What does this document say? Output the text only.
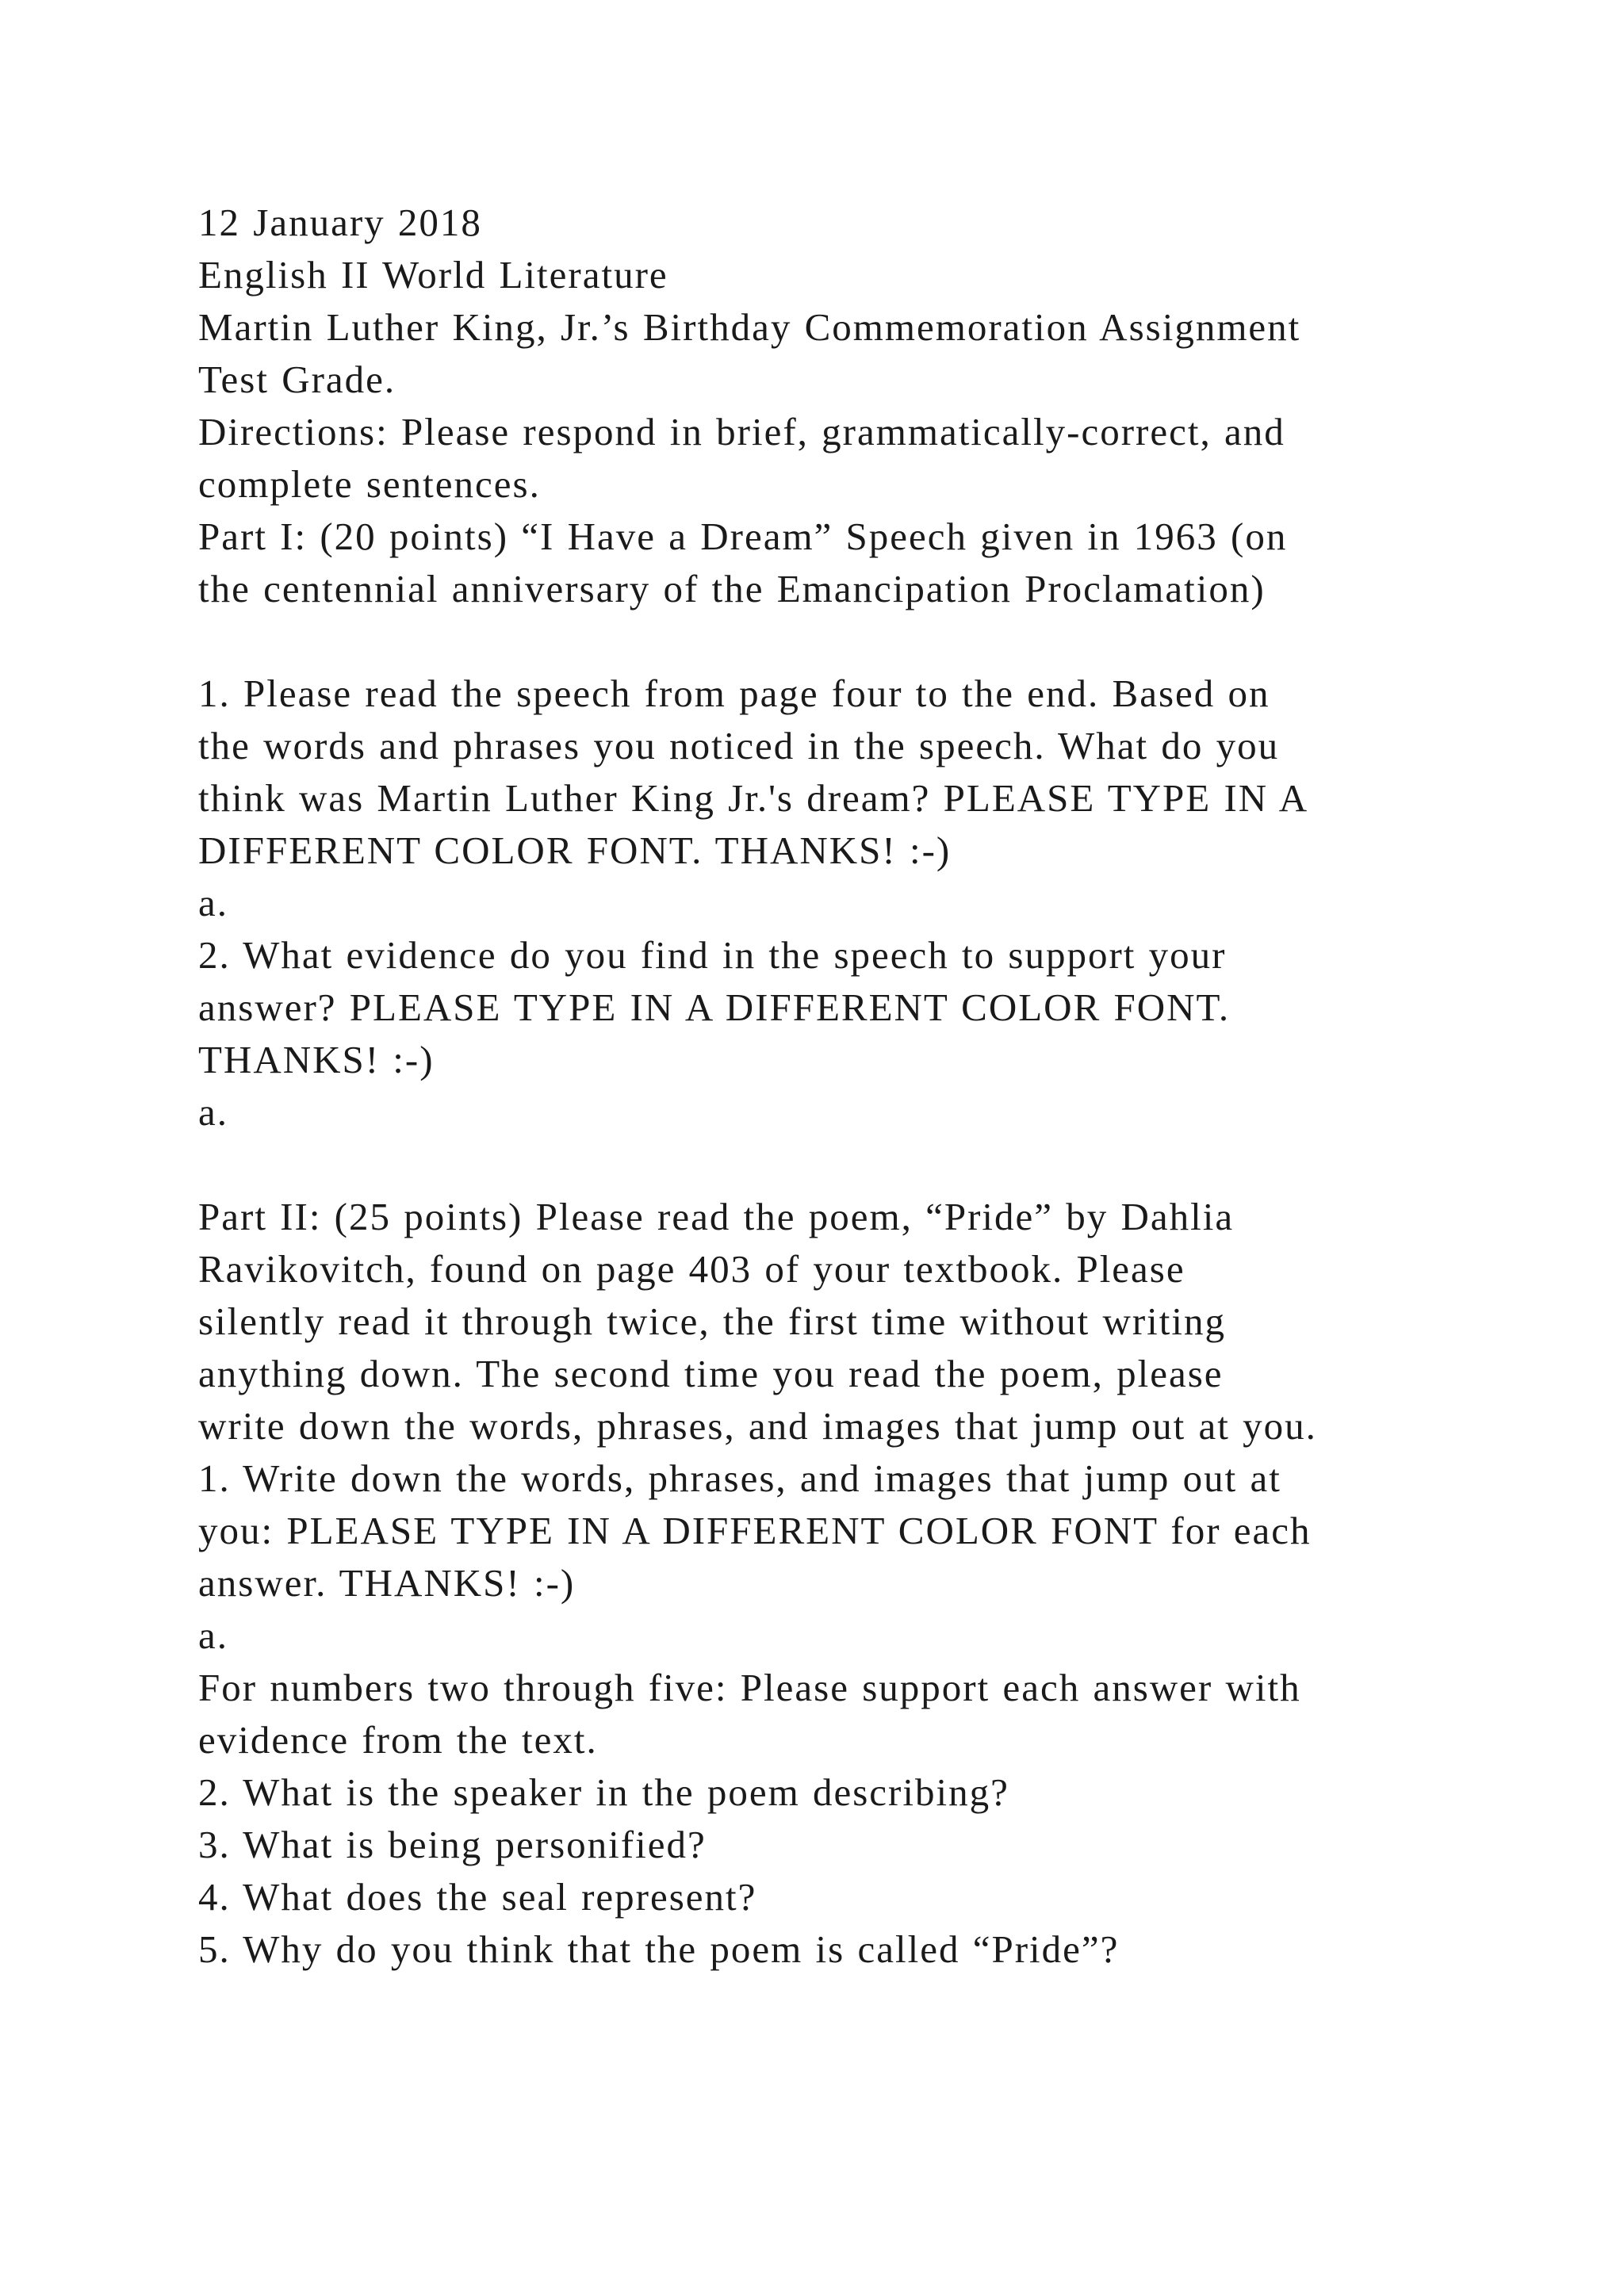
12 January 2018
English II World Literature
Martin Luther King, Jr.’s Birthday Commemoration Assignment
Test Grade.
Directions: Please respond in brief, grammatically-correct, and
complete sentences.
Part I: (20 points) “I Have a Dream” Speech given in 1963 (on
the centennial anniversary of the Emancipation Proclamation)
1. Please read the speech from page four to the end. Based on
the words and phrases you noticed in the speech. What do you
think was Martin Luther King Jr.'s dream? PLEASE TYPE IN A
DIFFERENT COLOR FONT. THANKS! :-)
a.
2. What evidence do you find in the speech to support your
answer? PLEASE TYPE IN A DIFFERENT COLOR FONT.
THANKS! :-)
a.
Part II: (25 points) Please read the poem, “Pride” by Dahlia
Ravikovitch, found on page 403 of your textbook. Please
silently read it through twice, the first time without writing
anything down. The second time you read the poem, please
write down the words, phrases, and images that jump out at you.
1. Write down the words, phrases, and images that jump out at
you: PLEASE TYPE IN A DIFFERENT COLOR FONT for each
answer. THANKS! :-)
a.
For numbers two through five: Please support each answer with
evidence from the text.
2. What is the speaker in the poem describing?
3. What is being personified?
4. What does the seal represent?
5. Why do you think that the poem is called “Pride”?
